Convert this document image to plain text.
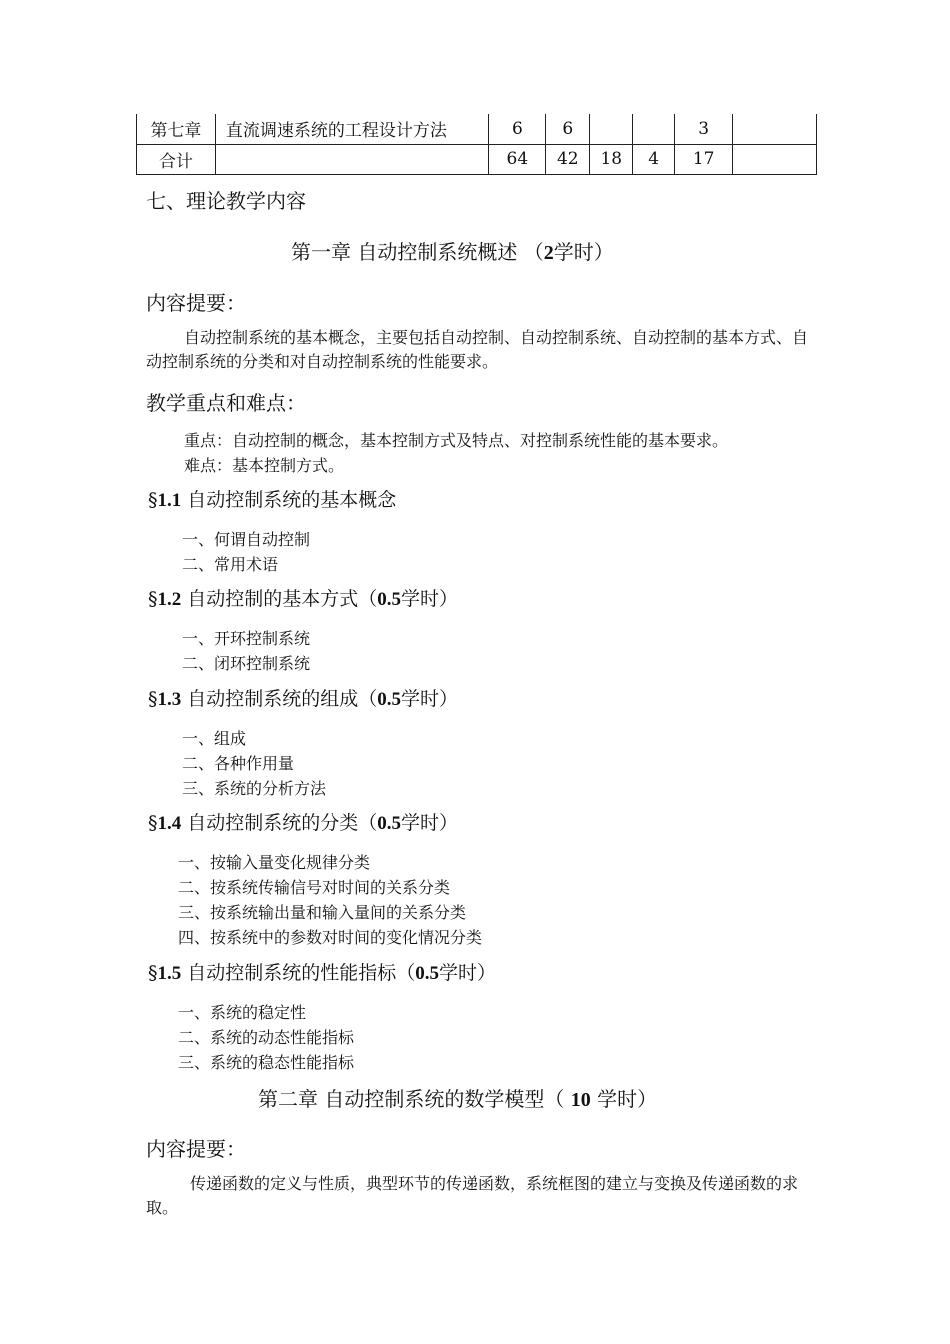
第七章	直流调速系统的工程设计方法	6	6			3	
合计		64	42	18	4	17	
七、理论教学内容
第一章 自动控制系统概述 （2学时）
内容提要：
自动控制系统的基本概念，主要包括自动控制、自动控制系统、自动控制的基本方式、自动控制系统的分类和对自动控制系统的性能要求。
教学重点和难点：
重点：自动控制的概念，基本控制方式及特点、对控制系统性能的基本要求。
难点：基本控制方式。
§1.1 自动控制系统的基本概念
一、何谓自动控制
二、常用术语
§1.2 自动控制的基本方式（0.5学时）
一、开环控制系统
二、闭环控制系统
§1.3 自动控制系统的组成（0.5学时）
一、组成
二、各种作用量
三、系统的分析方法
§1.4 自动控制系统的分类（0.5学时）
一、按输入量变化规律分类
二、按系统传输信号对时间的关系分类
三、按系统输出量和输入量间的关系分类
四、按系统中的参数对时间的变化情况分类
§1.5 自动控制系统的性能指标（0.5学时）
一、系统的稳定性
二、系统的动态性能指标
三、系统的稳态性能指标
第二章 自动控制系统的数学模型（ 10 学时）
内容提要：
传递函数的定义与性质，典型环节的传递函数，系统框图的建立与变换及传递函数的求取。
